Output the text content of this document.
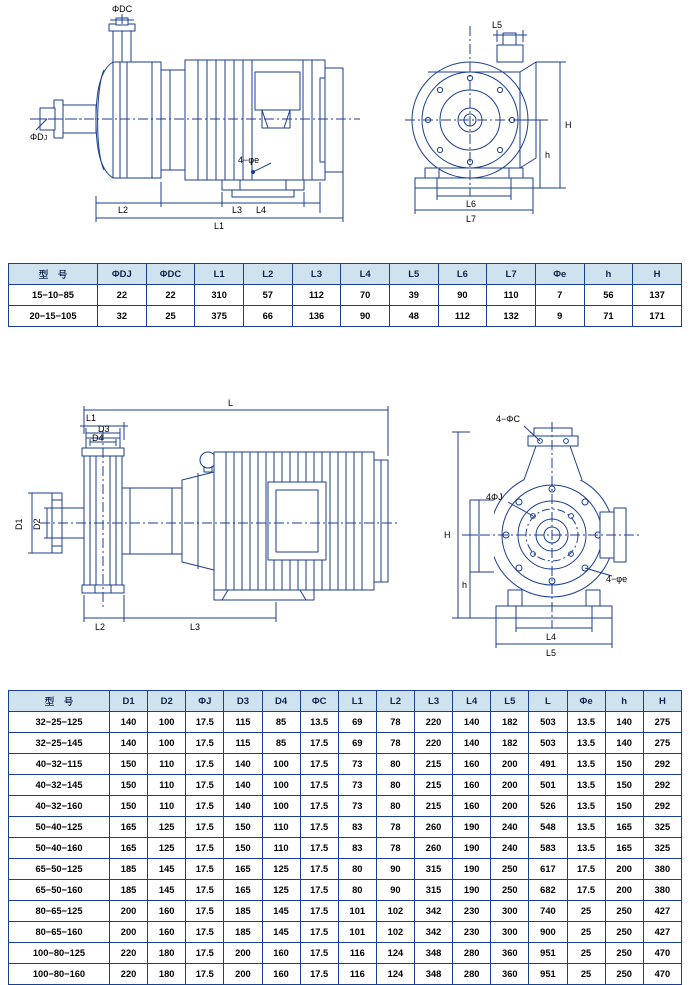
ΦDC
ΦDJ
4−φe
L2	L3 L4
L1
L5
H
h
L6
L7
型　号	ΦDJ	ΦDC	L1	L2	L3	L4	L5	L6	L7	Φe	h	H
15−10−85	22	22	310	57	112	70	39	90	110	7	56	137
20−15−105	32	25	375	66	136	90	48	112	132	9	71	171
L
L1
D3
D4
D1 D2
L2	L3
4−ΦC
4ΦJ
4−φe
H
h
L4
L5
型　号	D1	D2	ΦJ	D3	D4	ΦC	L1	L2	L3	L4	L5	L	Φe	h	H
32−25−125	140	100	17.5	115	85	13.5	69	78	220	140	182	503	13.5	140	275
32−25−145	140	100	17.5	115	85	17.5	69	78	220	140	182	503	13.5	140	275
40−32−115	150	110	17.5	140	100	17.5	73	80	215	160	200	491	13.5	150	292
40−32−145	150	110	17.5	140	100	17.5	73	80	215	160	200	501	13.5	150	292
40−32−160	150	110	17.5	140	100	17.5	73	80	215	160	200	526	13.5	150	292
50−40−125	165	125	17.5	150	110	17.5	83	78	260	190	240	548	13.5	165	325
50−40−160	165	125	17.5	150	110	17.5	83	78	260	190	240	583	13.5	165	325
65−50−125	185	145	17.5	165	125	17.5	80	90	315	190	250	617	17.5	200	380
65−50−160	185	145	17.5	165	125	17.5	80	90	315	190	250	682	17.5	200	380
80−65−125	200	160	17.5	185	145	17.5	101	102	342	230	300	740	25	250	427
80−65−160	200	160	17.5	185	145	17.5	101	102	342	230	300	900	25	250	427
100−80−125	220	180	17.5	200	160	17.5	116	124	348	280	360	951	25	250	470
100−80−160	220	180	17.5	200	160	17.5	116	124	348	280	360	951	25	250	470
